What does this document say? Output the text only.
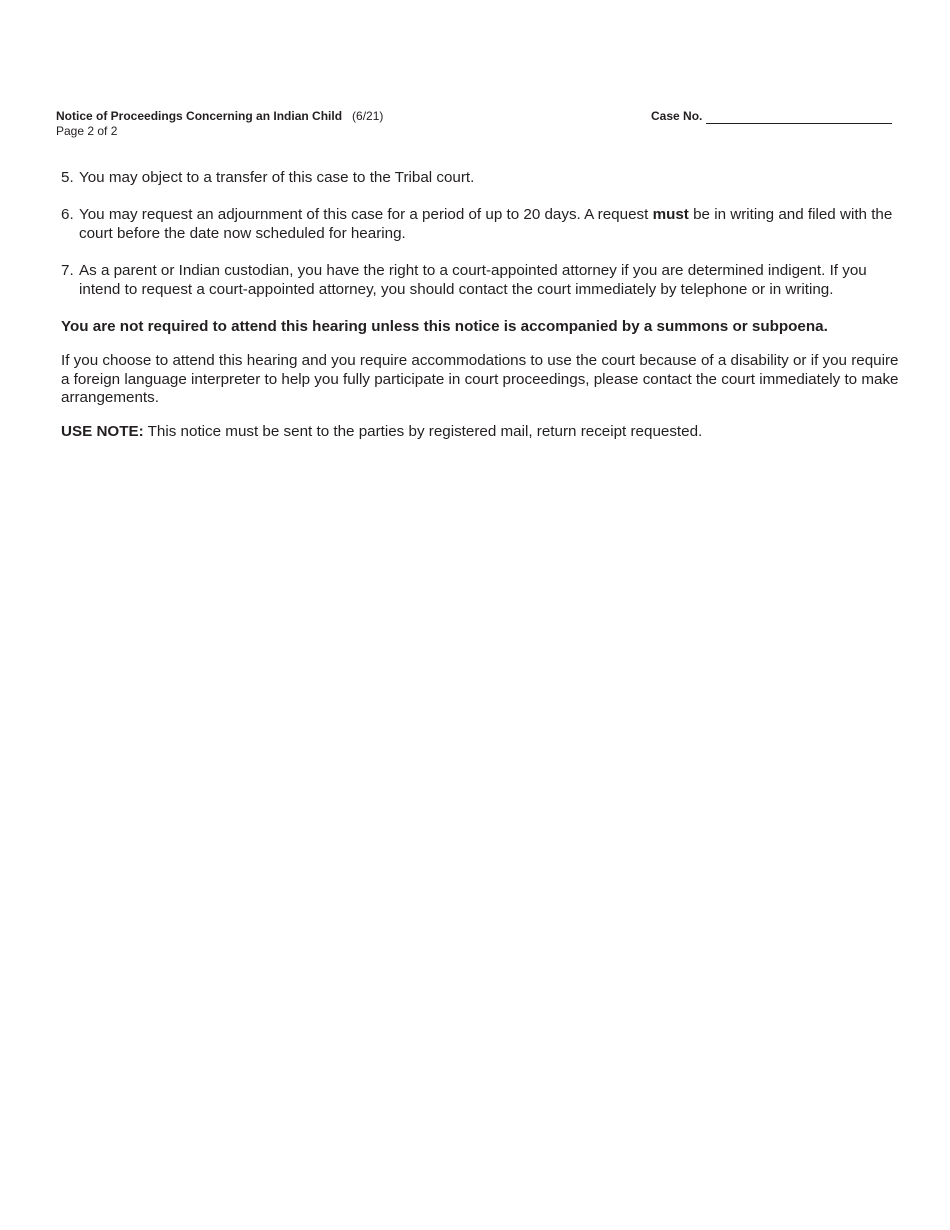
Notice of Proceedings Concerning an Indian Child (6/21)
Page 2 of 2
Case No.
5. You may object to a transfer of this case to the Tribal court.
6. You may request an adjournment of this case for a period of up to 20 days. A request must be in writing and filed with the court before the date now scheduled for hearing.
7. As a parent or Indian custodian, you have the right to a court-appointed attorney if you are determined indigent. If you intend to request a court-appointed attorney, you should contact the court immediately by telephone or in writing.

You are not required to attend this hearing unless this notice is accompanied by a summons or subpoena.

If you choose to attend this hearing and you require accommodations to use the court because of a disability or if you require a foreign language interpreter to help you fully participate in court proceedings, please contact the court immediately to make arrangements.

USE NOTE: This notice must be sent to the parties by registered mail, return receipt requested.
